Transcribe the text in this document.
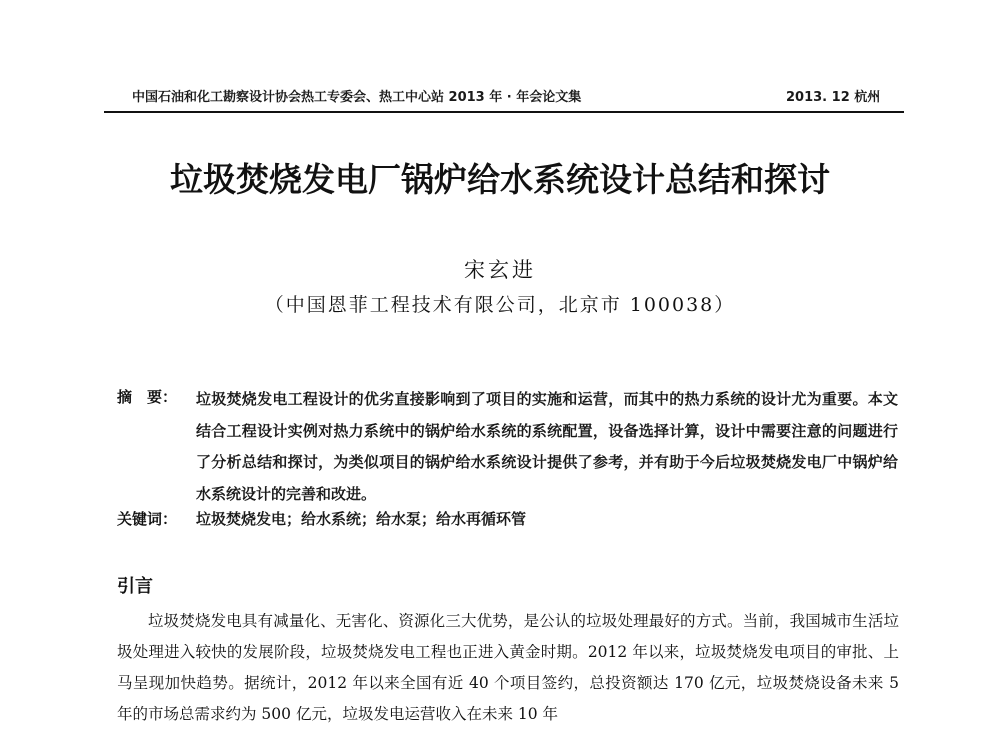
中国石油和化工勘察设计协会热工专委会、热工中心站 2013 年 · 年会论文集	2013. 12 杭州
垃圾焚烧发电厂锅炉给水系统设计总结和探讨
宋玄进
（中国恩菲工程技术有限公司，北京市 100038）
摘　要： 垃圾焚烧发电工程设计的优劣直接影响到了项目的实施和运营，而其中的热力系统的设计尤为重要。本文结合工程设计实例对热力系统中的锅炉给水系统的系统配置，设备选择计算，设计中需要注意的问题进行了分析总结和探讨，为类似项目的锅炉给水系统设计提供了参考，并有助于今后垃圾焚烧发电厂中锅炉给水系统设计的完善和改进。
关键词： 垃圾焚烧发电；给水系统；给水泵；给水再循环管
引言
垃圾焚烧发电具有减量化、无害化、资源化三大优势，是公认的垃圾处理最好的方式。当前，我国城市生活垃圾处理进入较快的发展阶段，垃圾焚烧发电工程也正进入黄金时期。2012 年以来，垃圾焚烧发电项目的审批、上马呈现加快趋势。据统计，2012 年以来全国有近 40 个项目签约，总投资额达 170 亿元，垃圾焚烧设备未来 5 年的市场总需求约为 500 亿元，垃圾发电运营收入在未来 10 年
